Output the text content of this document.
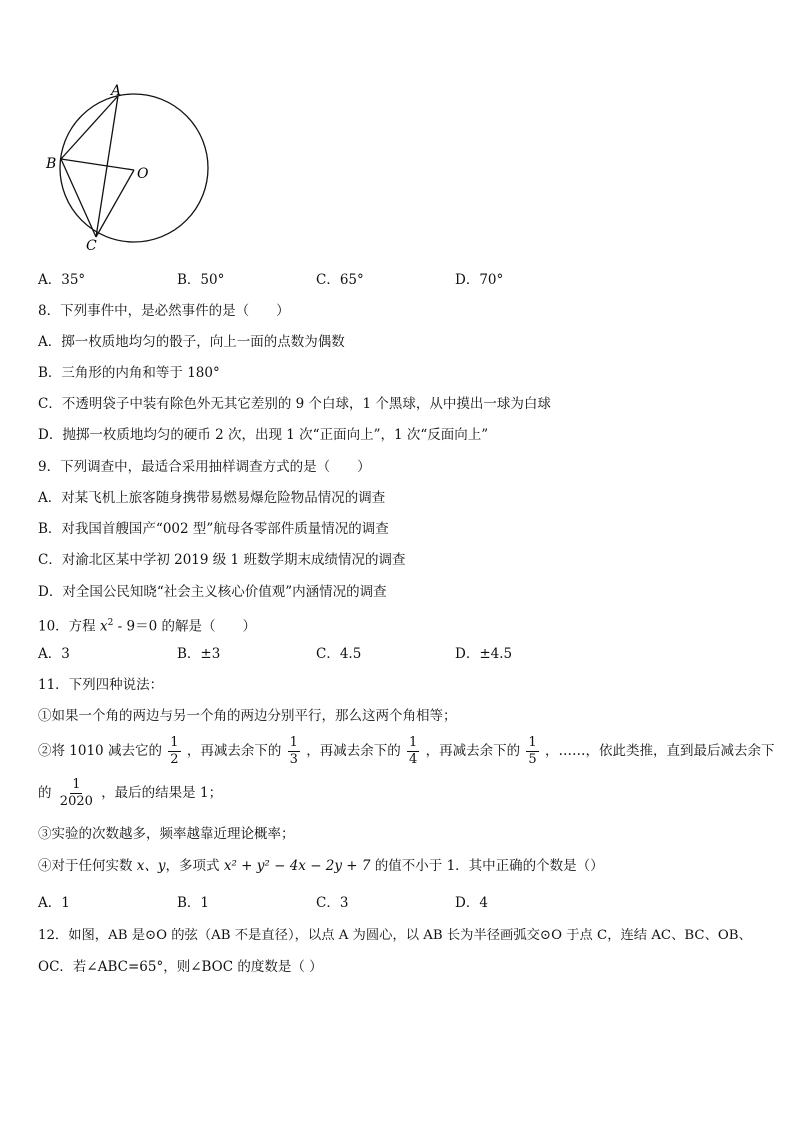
A
B
O
C
A．35°	B．50°	C．65°	D．70°
8．下列事件中，是必然事件的是（　　）
A．掷一枚质地均匀的骰子，向上一面的点数为偶数
B．三角形的内角和等于 180°
C．不透明袋子中装有除色外无其它差别的 9 个白球，1 个黑球，从中摸出一球为白球
D．抛掷一枚质地均匀的硬币 2 次，出现 1 次“正面向上”，1 次“反面向上”
9．下列调查中，最适合采用抽样调查方式的是（　　）
A．对某飞机上旅客随身携带易燃易爆危险物品情况的调查
B．对我国首艘国产“002 型”航母各零部件质量情况的调查
C．对渝北区某中学初 2019 级 1 班数学期末成绩情况的调查
D．对全国公民知晓“社会主义核心价值观”内涵情况的调查
10．方程 $x^2 - 9=0$ 的解是（　　）
A．3	B．±3	C．4.5	D．±4.5
11．下列四种说法：
①如果一个角的两边与另一个角的两边分别平行，那么这两个角相等；
②将 1010 减去它的 $\frac{1}{2}$ ，再减去余下的 $\frac{1}{3}$ ，再减去余下的 $\frac{1}{4}$ ，再减去余下的 $\frac{1}{5}$ ，……，依此类推，直到最后减去余下
的 $\frac{1}{2020}$ ，最后的结果是 1；
③实验的次数越多，频率越靠近理论概率；
④对于任何实数 x、y，多项式 x² + y² − 4x − 2y + 7 的值不小于 1．其中正确的个数是（）
A．1	B．1	C．3	D．4
12．如图，AB 是⊙O 的弦（AB 不是直径），以点 A 为圆心，以 AB 长为半径画弧交⊙O 于点 C，连结 AC、BC、OB、
OC．若∠ABC=65°，则∠BOC 的度数是（ ）
